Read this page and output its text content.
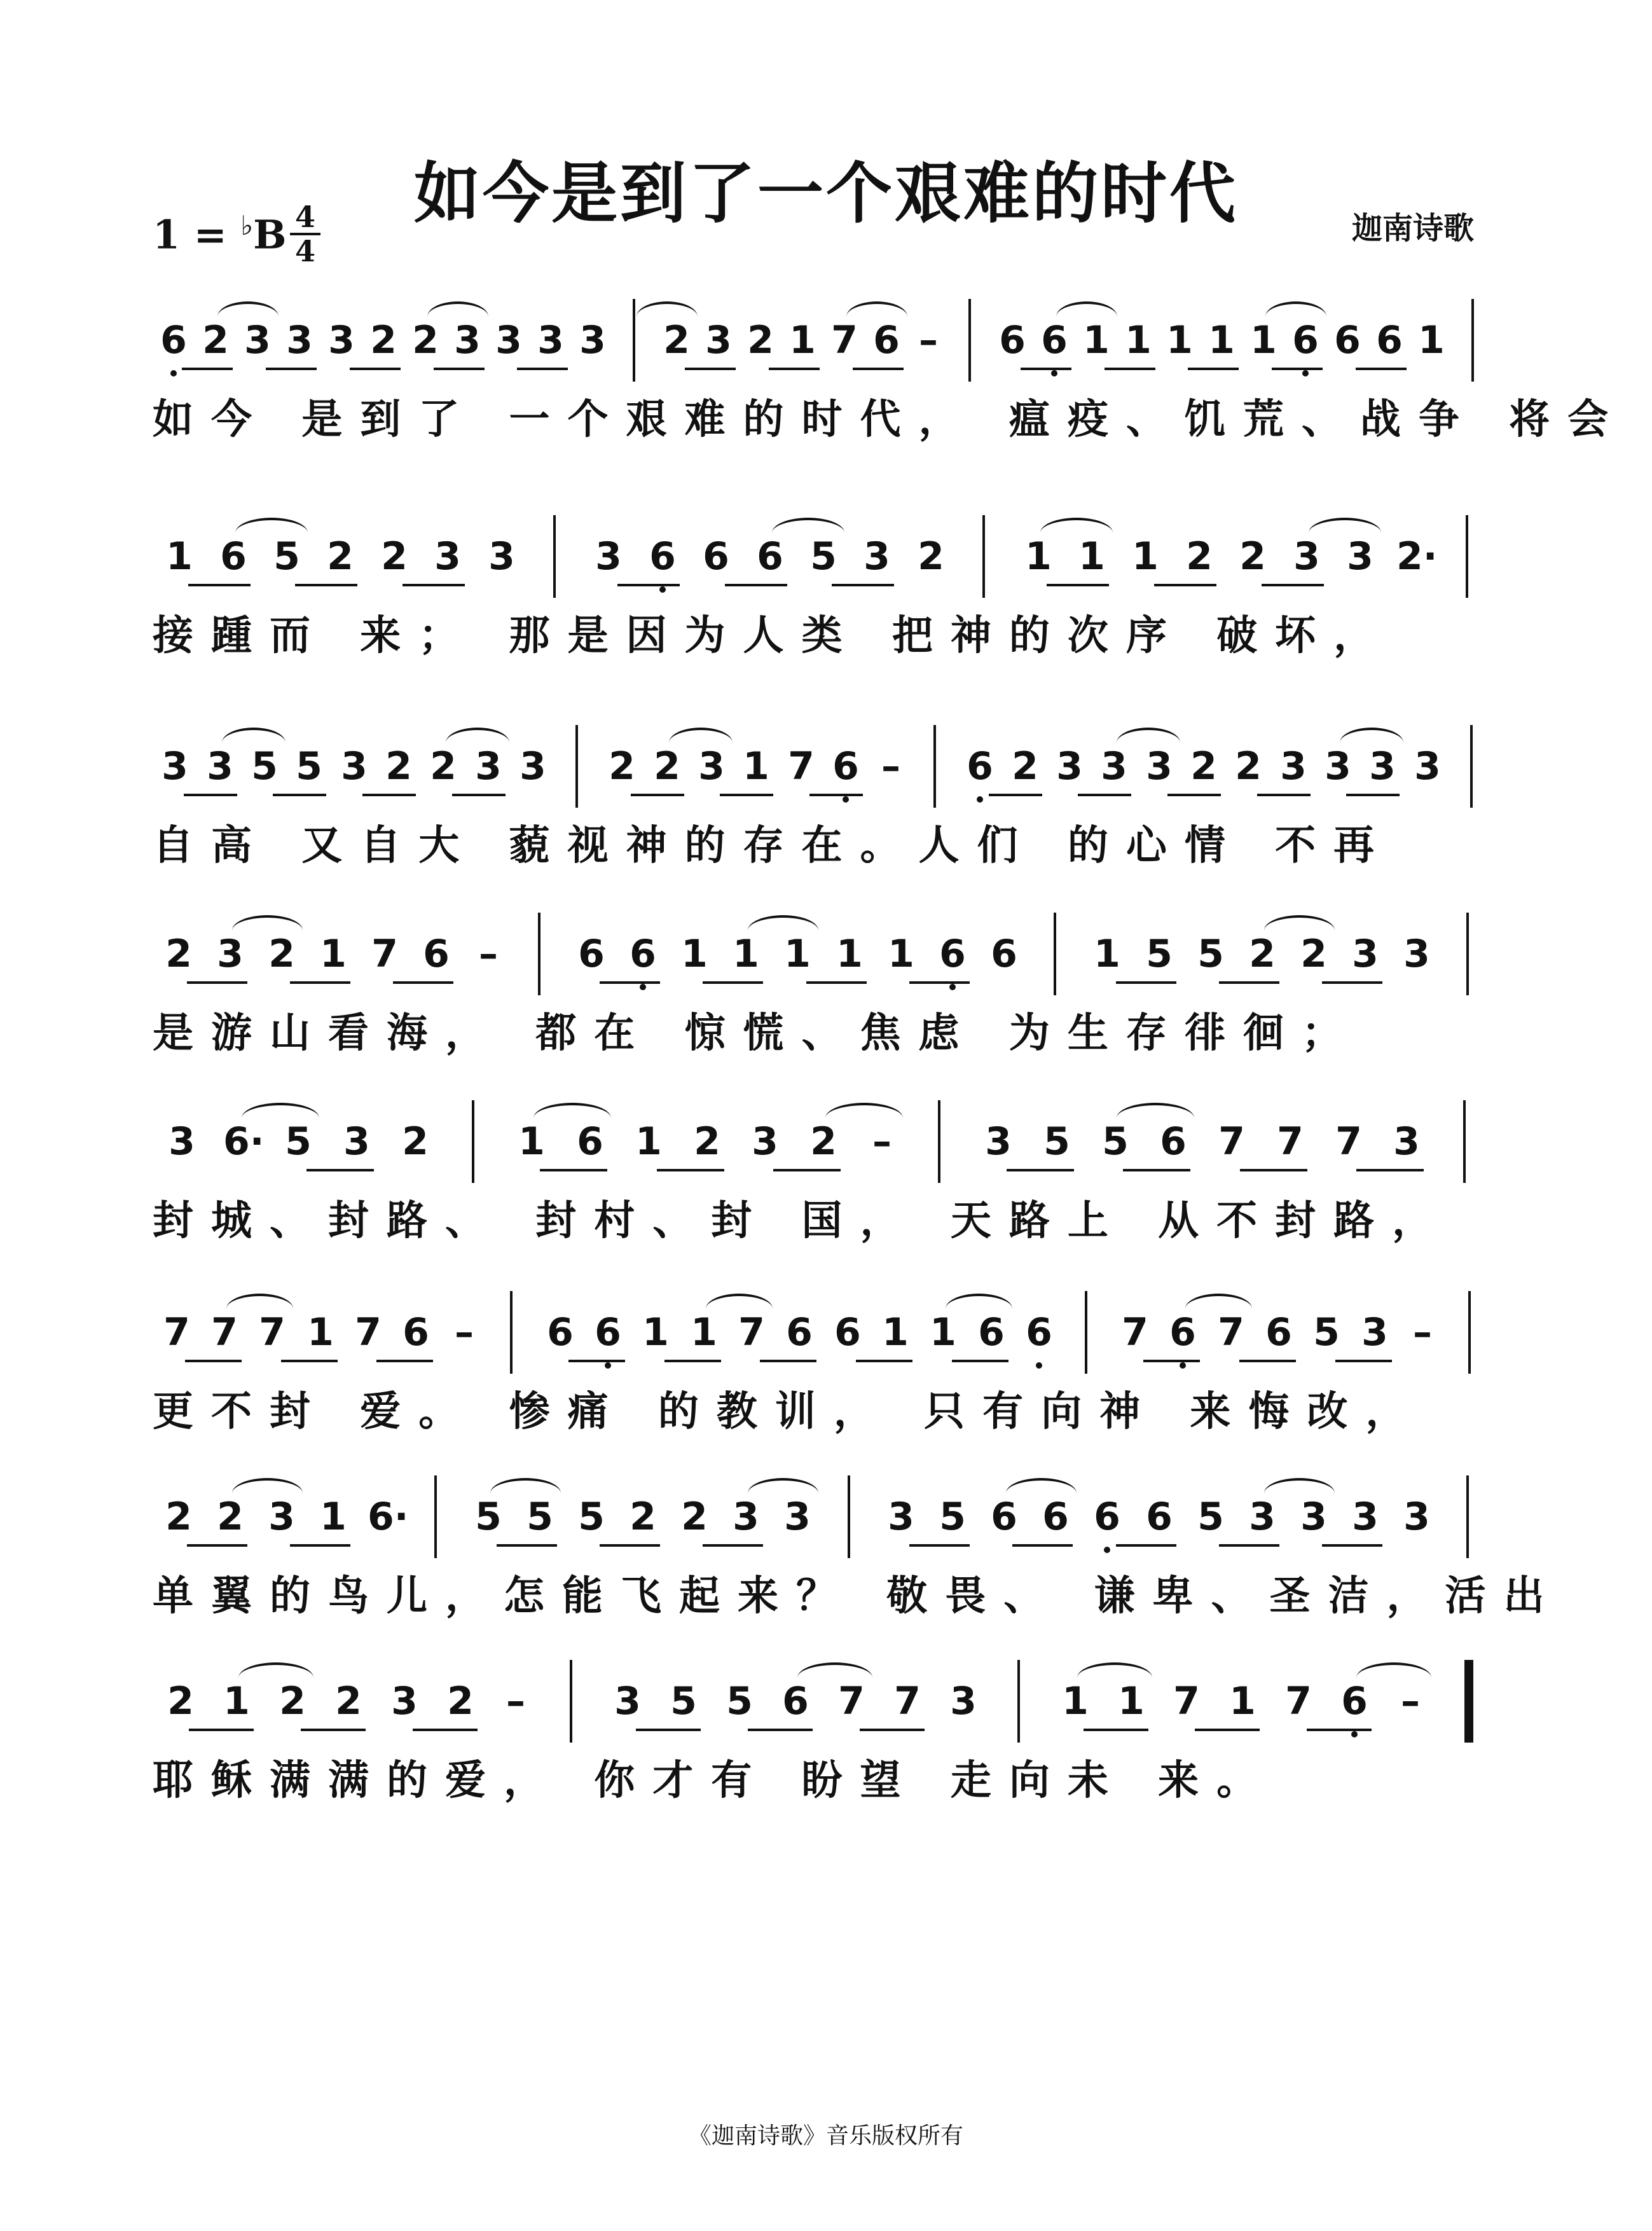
如今是到了一个艰难的时代
1 = ♭B 4
4
迦南诗歌
6 2 3 3 3 2 2 3 3 3 3 2 3 2 1 7 6 – 6 6 1 1 1 1 1 6 6 6 1
如今 是到了 一个艰难的时代， 瘟疫、饥荒、战争 将会
1 6 5 2 2 3 3 3 6 6 6 5 3 2 1 1 1 2 2 3 3 2·
接踵而 来； 那是因为人类 把神的次序 破坏，
3 3 5 5 3 2 2 3 3 2 2 3 1 7 6 – 6 2 3 3 3 2 2 3 3 3 3
自高 又自大 藐视神的存在。人们 的心情 不再
2 3 2 1 7 6 – 6 6 1 1 1 1 1 6 6 1 5 5 2 2 3 3
是游山看海， 都在 惊慌、焦虑 为生存徘徊；
3 6· 5 3 2 1 6 1 2 3 2 – 3 5 5 6 7 7 7 3
封城、封路、 封村、封 国， 天路上 从不封路，
7 7 7 1 7 6 – 6 6 1 1 7 6 6 1 1 6 6 7 6 7 6 5 3 –
更不封 爱。 惨痛 的教训， 只有向神 来悔改，
2 2 3 1 6· 5 5 5 2 2 3 3 3 5 6 6 6 6 5 3 3 3 3
单翼的鸟儿，怎能飞起来？ 敬畏、 谦卑、圣洁，活出
2 1 2 2 3 2 – 3 5 5 6 7 7 3 1 1 7 1 7 6 –
耶稣满满的爱， 你才有 盼望 走向未 来。
《迦南诗歌》音乐版权所有
